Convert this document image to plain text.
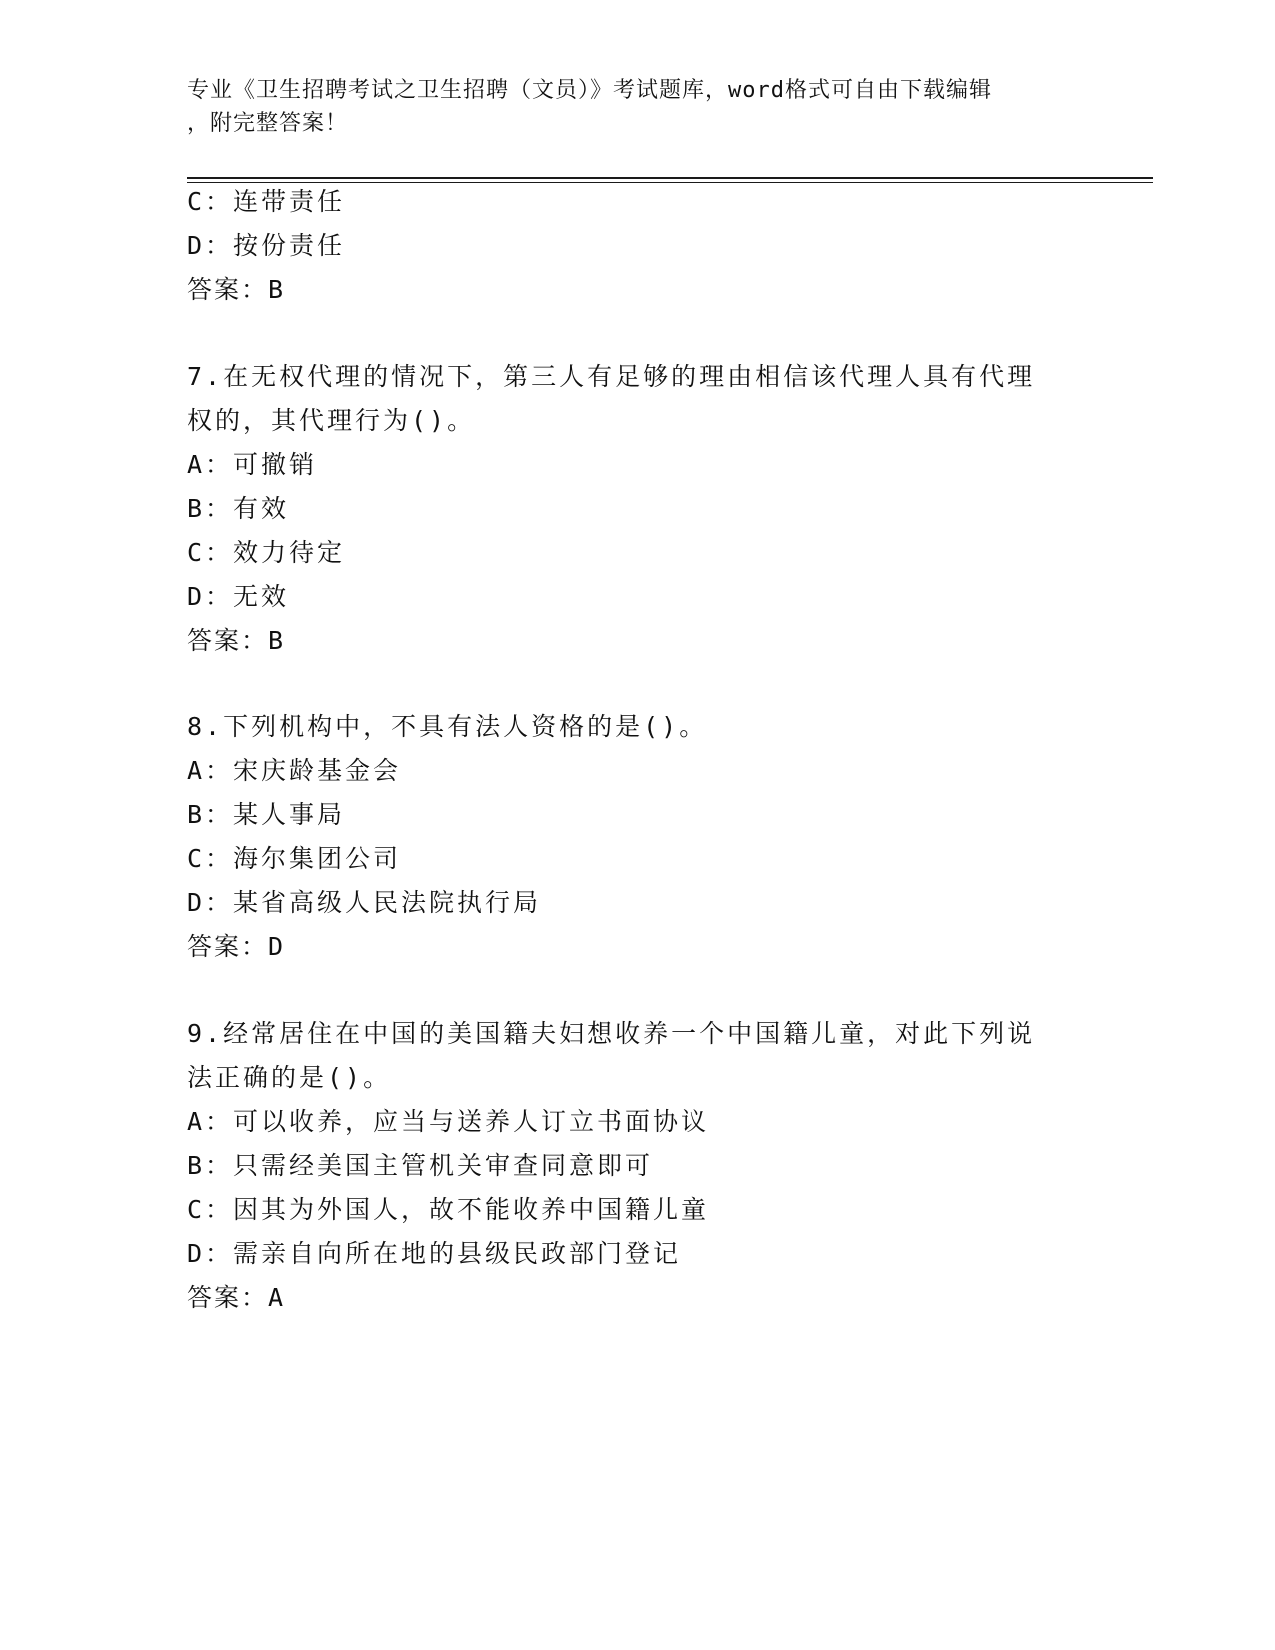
专业《卫生招聘考试之卫生招聘（文员）》考试题库，word格式可自由下载编辑
，附完整答案！
C：连带责任
D：按份责任
答案：B
7.在无权代理的情况下，第三人有足够的理由相信该代理人具有代理
权的，其代理行为()。
A：可撤销
B：有效
C：效力待定
D：无效
答案：B
8.下列机构中，不具有法人资格的是()。
A：宋庆龄基金会
B：某人事局
C：海尔集团公司
D：某省高级人民法院执行局
答案：D
9.经常居住在中国的美国籍夫妇想收养一个中国籍儿童，对此下列说
法正确的是()。
A：可以收养，应当与送养人订立书面协议
B：只需经美国主管机关审查同意即可
C：因其为外国人，故不能收养中国籍儿童
D：需亲自向所在地的县级民政部门登记
答案：A
